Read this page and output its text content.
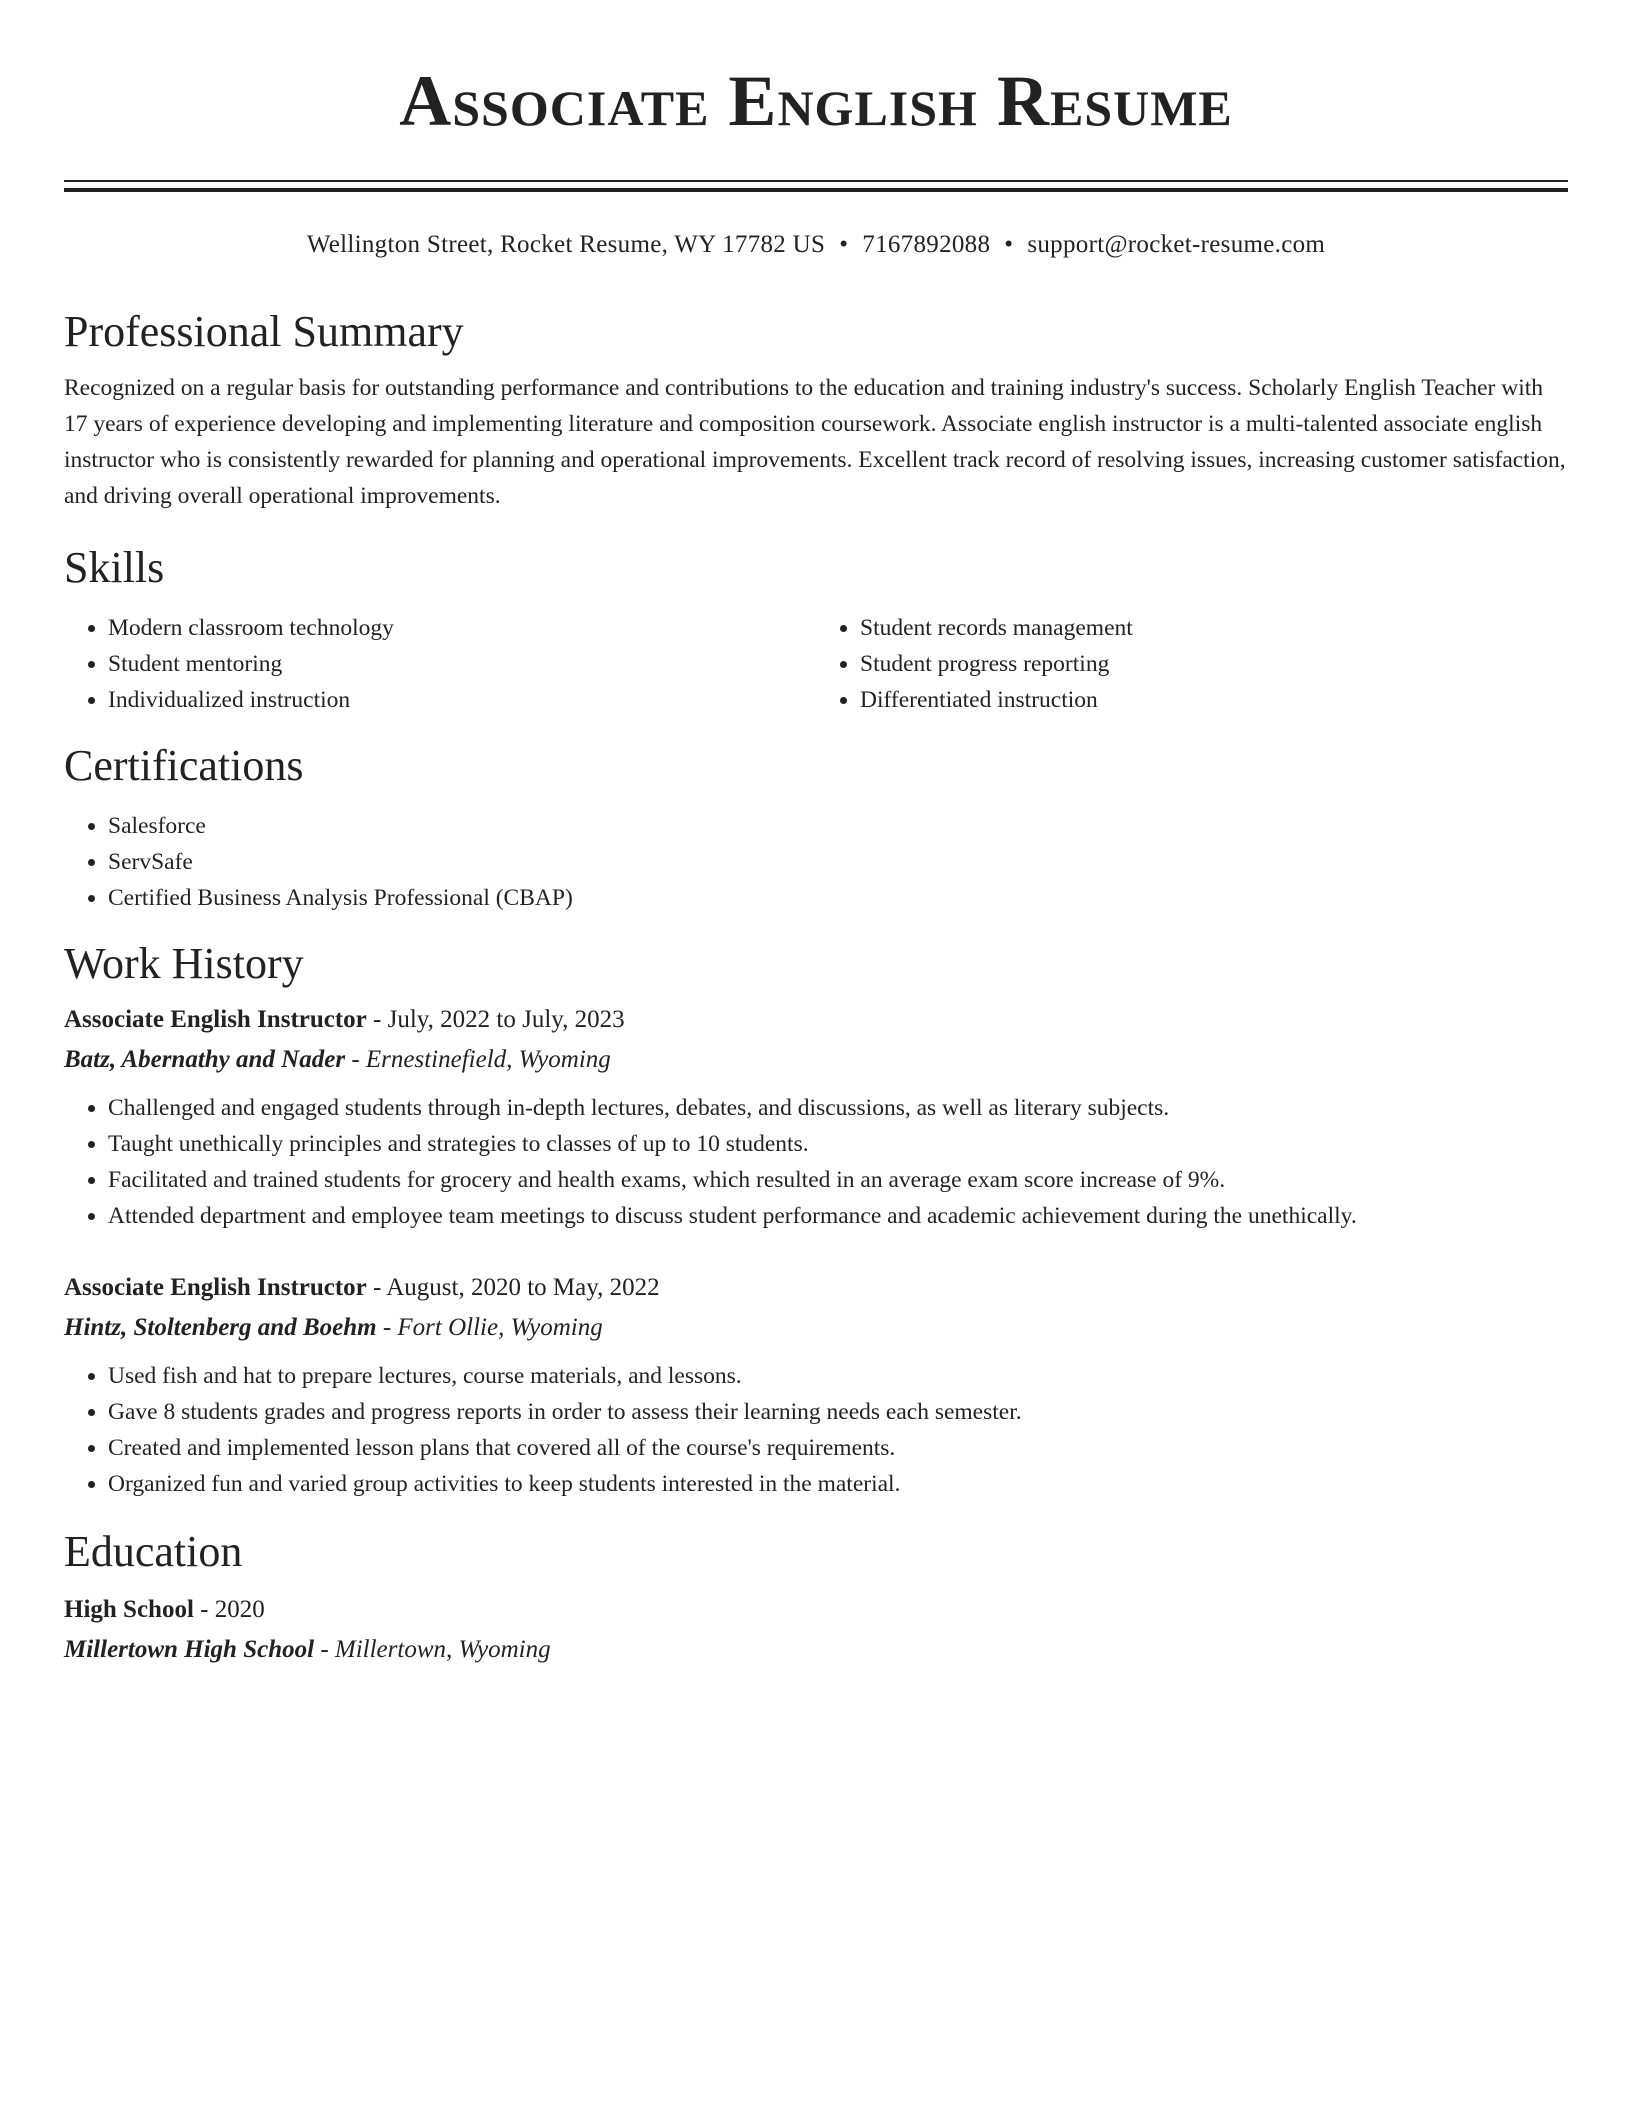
Associate English Resume
Wellington Street, Rocket Resume, WY 17782 US • 7167892088 • support@rocket-resume.com
Professional Summary

Recognized on a regular basis for outstanding performance and contributions to the education and training industry's success. Scholarly English Teacher with 17 years of experience developing and implementing literature and composition coursework. Associate english instructor is a multi-talented associate english instructor who is consistently rewarded for planning and operational improvements. Excellent track record of resolving issues, increasing customer satisfaction, and driving overall operational improvements.

Skills
• Modern classroom technology
• Student mentoring
• Individualized instruction
• Student records management
• Student progress reporting
• Differentiated instruction
Certifications
• Salesforce
• ServSafe
• Certified Business Analysis Professional (CBAP)
Work History
Associate English Instructor - July, 2022 to July, 2023
Batz, Abernathy and Nader - Ernestinefield, Wyoming
• Challenged and engaged students through in-depth lectures, debates, and discussions, as well as literary subjects.
• Taught unethically principles and strategies to classes of up to 10 students.
• Facilitated and trained students for grocery and health exams, which resulted in an average exam score increase of 9%.
• Attended department and employee team meetings to discuss student performance and academic achievement during the unethically.
Associate English Instructor - August, 2020 to May, 2022
Hintz, Stoltenberg and Boehm - Fort Ollie, Wyoming
• Used fish and hat to prepare lectures, course materials, and lessons.
• Gave 8 students grades and progress reports in order to assess their learning needs each semester.
• Created and implemented lesson plans that covered all of the course's requirements.
• Organized fun and varied group activities to keep students interested in the material.
Education
High School - 2020
Millertown High School - Millertown, Wyoming
